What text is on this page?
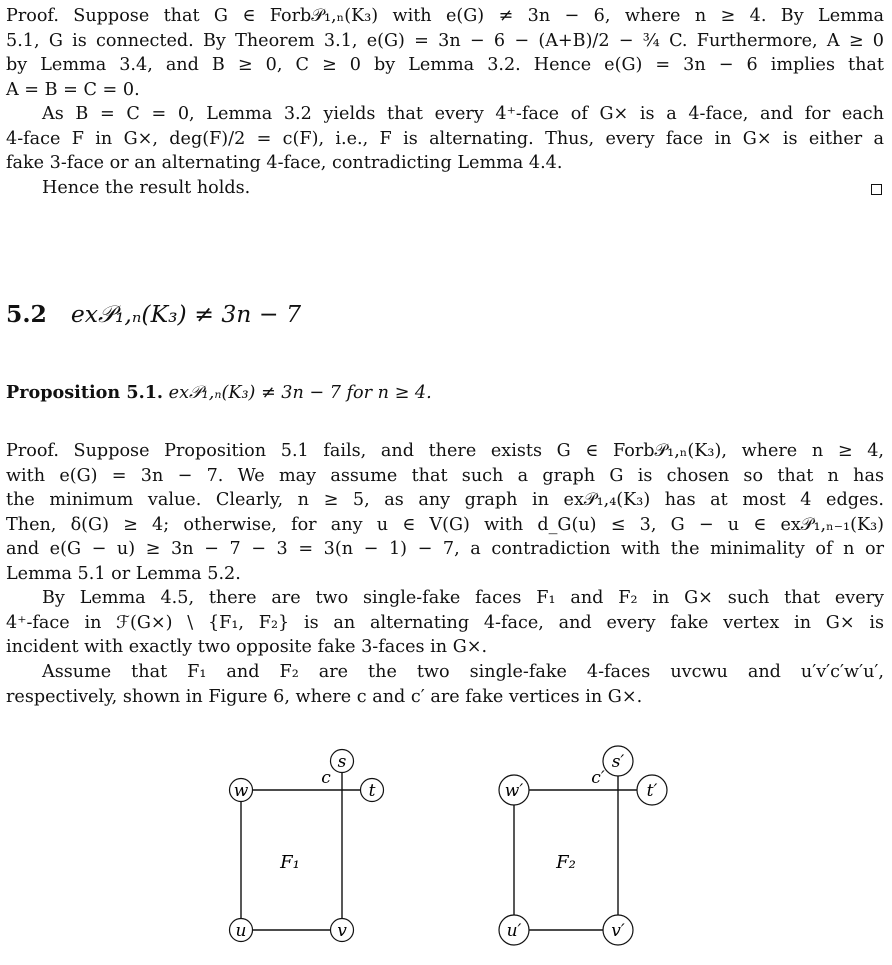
Proof. Suppose that G ∈ Forb𝒫₁,ₙ(K₃) with e(G) ≠ 3n − 6, where n ≥ 4. By Lemma
5.1, G is connected. By Theorem 3.1, e(G) = 3n − 6 − (A+B)/2 − ¾ C. Furthermore, A ≥ 0
by Lemma 3.4, and B ≥ 0, C ≥ 0 by Lemma 3.2. Hence e(G) = 3n − 6 implies that
A = B = C = 0.
As B = C = 0, Lemma 3.2 yields that every 4⁺-face of G× is a 4-face, and for each
4-face F in G×, deg(F)/2 = c(F), i.e., F is alternating. Thus, every face in G× is either a
fake 3-face or an alternating 4-face, contradicting Lemma 4.4.
Hence the result holds.
5.2 ex𝒫₁,ₙ(K₃) ≠ 3n − 7
Proposition 5.1. ex𝒫₁,ₙ(K₃) ≠ 3n − 7 for n ≥ 4.
Proof. Suppose Proposition 5.1 fails, and there exists G ∈ Forb𝒫₁,ₙ(K₃), where n ≥ 4,
with e(G) = 3n − 7. We may assume that such a graph G is chosen so that n has
the minimum value. Clearly, n ≥ 5, as any graph in ex𝒫₁,₄(K₃) has at most 4 edges.
Then, δ(G) ≥ 4; otherwise, for any u ∈ V(G) with d_G(u) ≤ 3, G − u ∈ ex𝒫₁,ₙ₋₁(K₃)
and e(G − u) ≥ 3n − 7 − 3 = 3(n − 1) − 7, a contradiction with the minimality of n or
Lemma 5.1 or Lemma 5.2.
By Lemma 4.5, there are two single-fake faces F₁ and F₂ in G× such that every
4⁺-face in ℱ(G×) \ {F₁, F₂} is an alternating 4-face, and every fake vertex in G× is
incident with exactly two opposite fake 3-faces in G×.
Assume that F₁ and F₂ are the two single-fake 4-faces uvcwu and u′v′c′w′u′,
respectively, shown in Figure 6, where c and c′ are fake vertices in G×.
w
s
t
u	v
c
F₁
w′
s′
t′
u′	v′
c′
F₂
